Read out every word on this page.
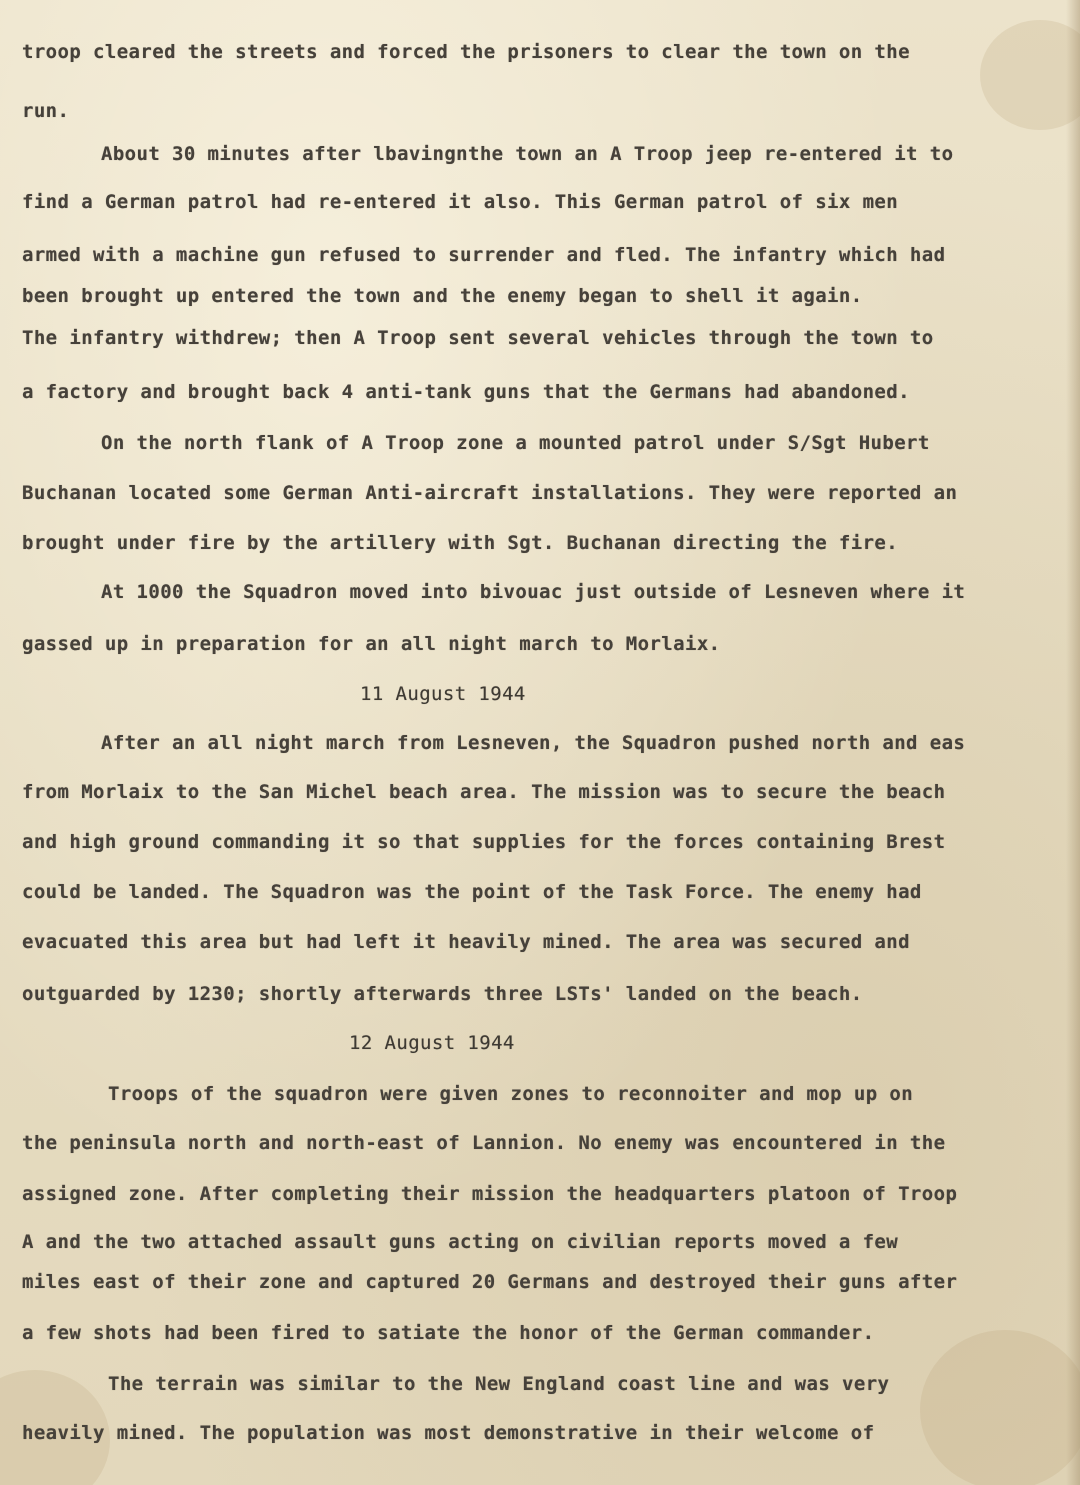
troop cleared the streets and forced the prisoners to clear the town on the
run.
About 30 minutes after lbavingnthe town an A Troop jeep re-entered it to
find a German patrol had re-entered it also. This German patrol of six men
armed with a machine gun refused to surrender and fled. The infantry which had
been brought up entered the town and the enemy began to shell it again.
The infantry withdrew; then A Troop sent several vehicles through the town to
a factory and brought back 4 anti-tank guns that the Germans had abandoned.
On the north flank of A Troop zone a mounted patrol under S/Sgt Hubert
Buchanan located some German Anti-aircraft installations. They were reported an
brought under fire by the artillery with Sgt. Buchanan directing the fire.
At 1000 the Squadron moved into bivouac just outside of Lesneven where it
gassed up in preparation for an all night march to Morlaix.
11 August 1944
After an all night march from Lesneven, the Squadron pushed north and eas
from Morlaix to the San Michel beach area. The mission was to secure the beach
and high ground commanding it so that supplies for the forces containing Brest
could be landed. The Squadron was the point of the Task Force. The enemy had
evacuated this area but had left it heavily mined. The area was secured and
outguarded by 1230; shortly afterwards three LSTs' landed on the beach.
12 August 1944
Troops of the squadron were given zones to reconnoiter and mop up on
the peninsula north and north-east of Lannion. No enemy was encountered in the
assigned zone. After completing their mission the headquarters platoon of Troop
A and the two attached assault guns acting on civilian reports moved a few
miles east of their zone and captured 20 Germans and destroyed their guns after
a few shots had been fired to satiate the honor of the German commander.
The terrain was similar to the New England coast line and was very
heavily mined. The population was most demonstrative in their welcome of
